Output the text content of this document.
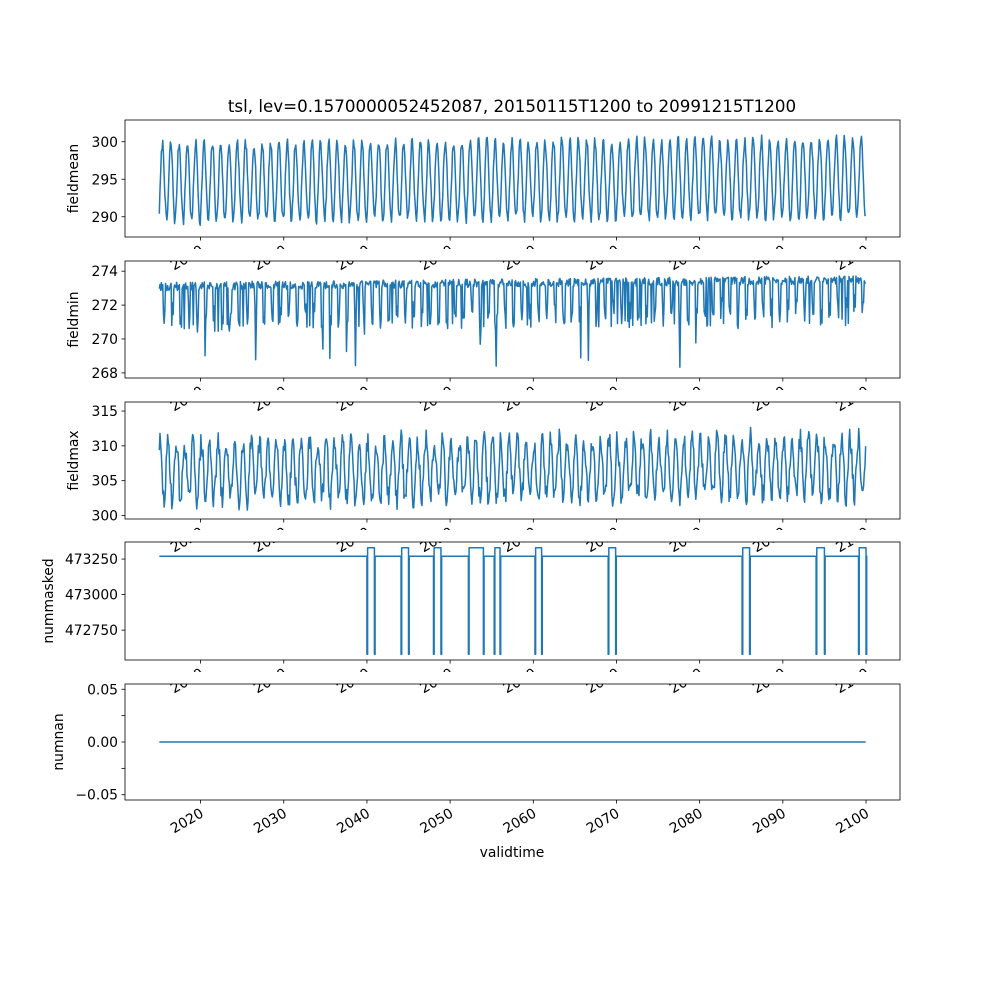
tsl, lev=0.1570000052452087, 20150115T1200 to 20991215T1200
290
295
300
fieldmean
268
270
272
274
fieldmin
300
305
310
315
fieldmax
472750
473000
473250
nummasked
−0.05
0.00
0.05
2020	2030	2040	2050	2060	2070	2080	2090	2100
numnan
validtime
